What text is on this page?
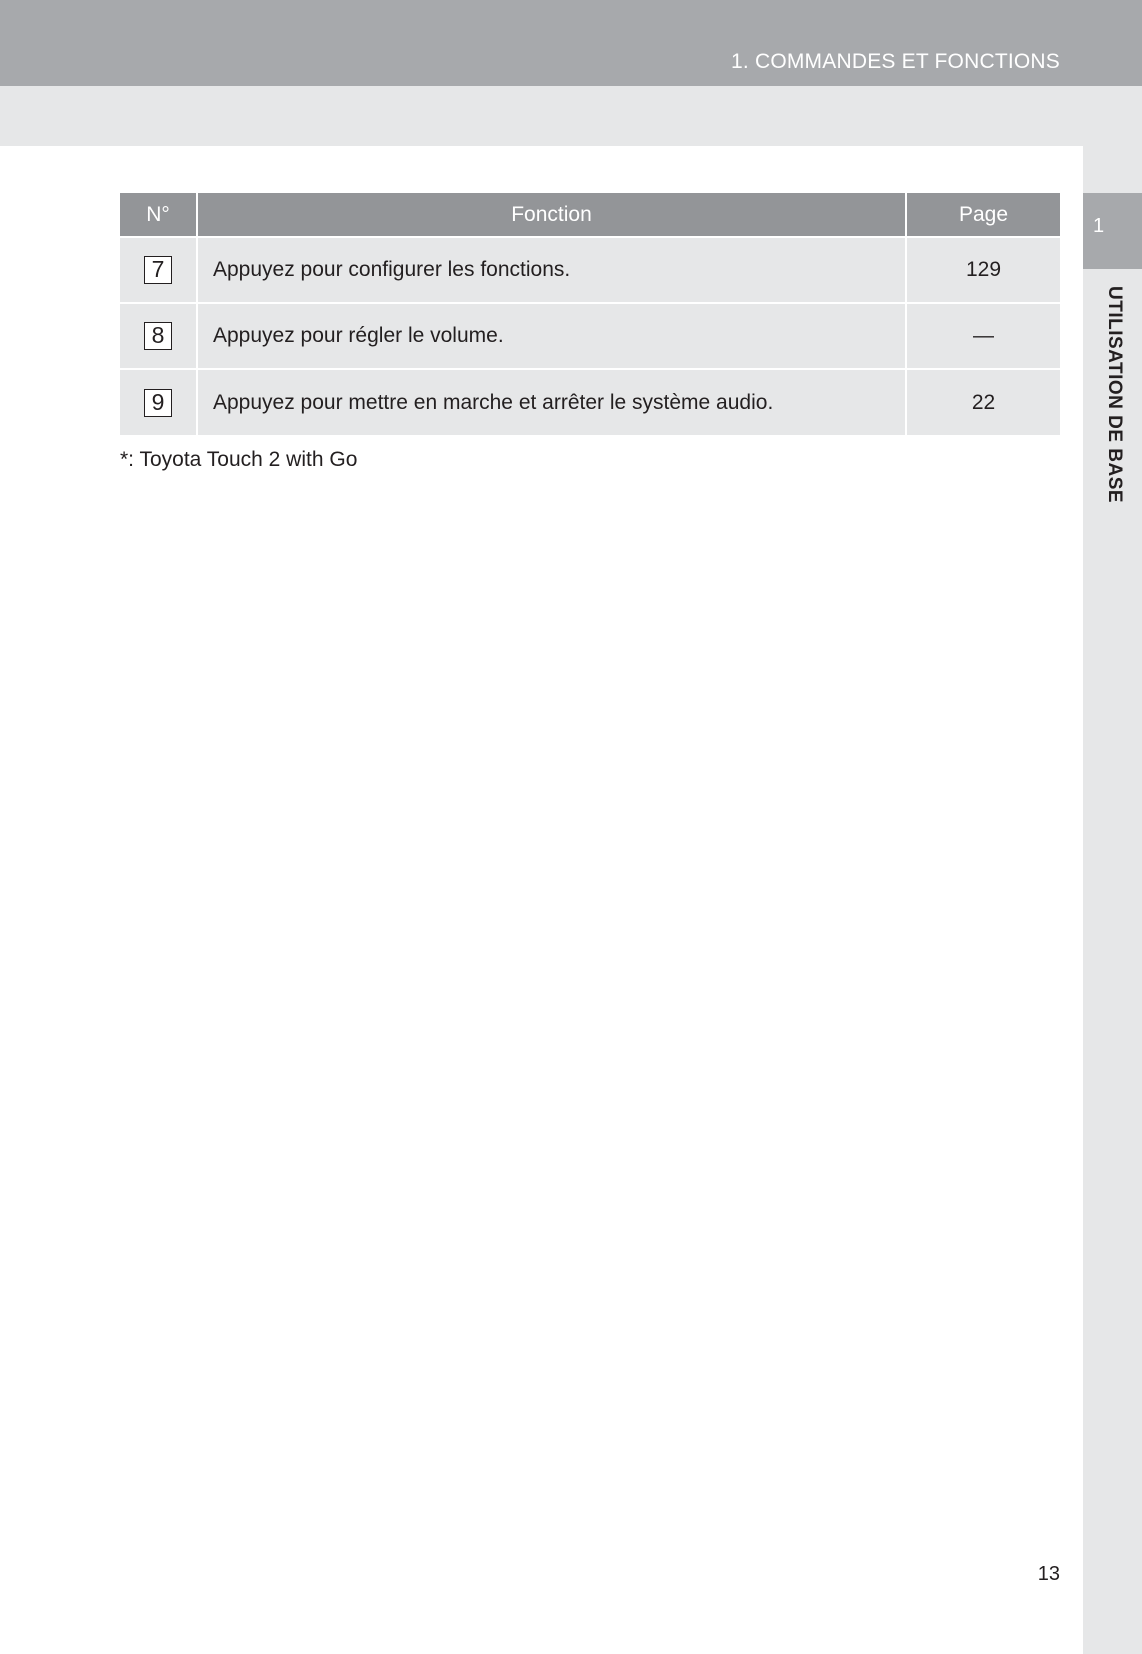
1. COMMANDES ET FONCTIONS
1
UTILISATION DE BASE
N°	Fonction	Page
7	Appuyez pour configurer les fonctions.	129
8	Appuyez pour régler le volume.	—
9	Appuyez pour mettre en marche et arrêter le système audio.	22
*: Toyota Touch 2 with Go
13
